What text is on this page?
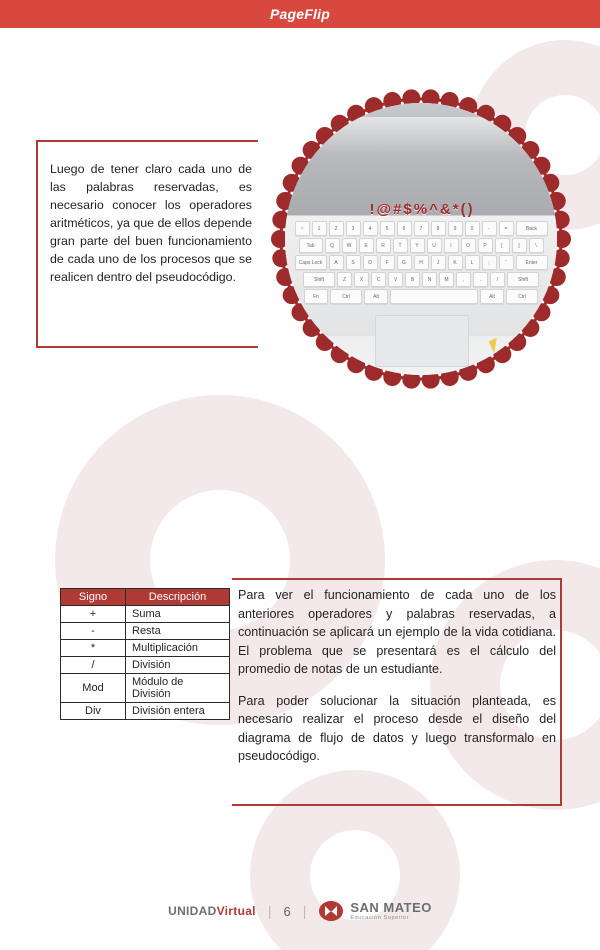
PageFlip
Luego de tener claro cada uno de las palabras reservadas, es necesario conocer los operadores aritméticos, ya que de ellos depende gran parte del buen funcionamiento de cada uno de los procesos que se realicen dentro del pseudocódigo.
! @ # $ % ^ & * ( )
~	1	2	3	4	5	6	7	8	9	0	-	=	Back
Tab	Q	W	E	R	T	Y	U	I	O	P	[	]	\
Caps Lock	A	S	D	F	G	H	J	K	L	;	'	Enter
Shift	Z	X	C	V	B	N	M	,	.	/	Shift
Fn	Ctrl	Alt	Alt	Ctrl
Signo	Descripción
+	Suma
-	Resta
*	Multiplicación
/	División
Mod	Módulo de División
Div	División entera

Para ver el funcionamiento de cada uno de los anteriores operadores y palabras reservadas, a continuación se aplicará un ejemplo de la vida cotidiana. El problema que se presentará es el cálculo del promedio de notas de un estudiante.

Para poder solucionar la situación planteada, es necesario realizar el proceso desde el diseño del diagrama de flujo de datos y luego transformalo en pseudocódigo.

UNIDADVirtual | 6 |	SAN MATEO
Educación Superior
